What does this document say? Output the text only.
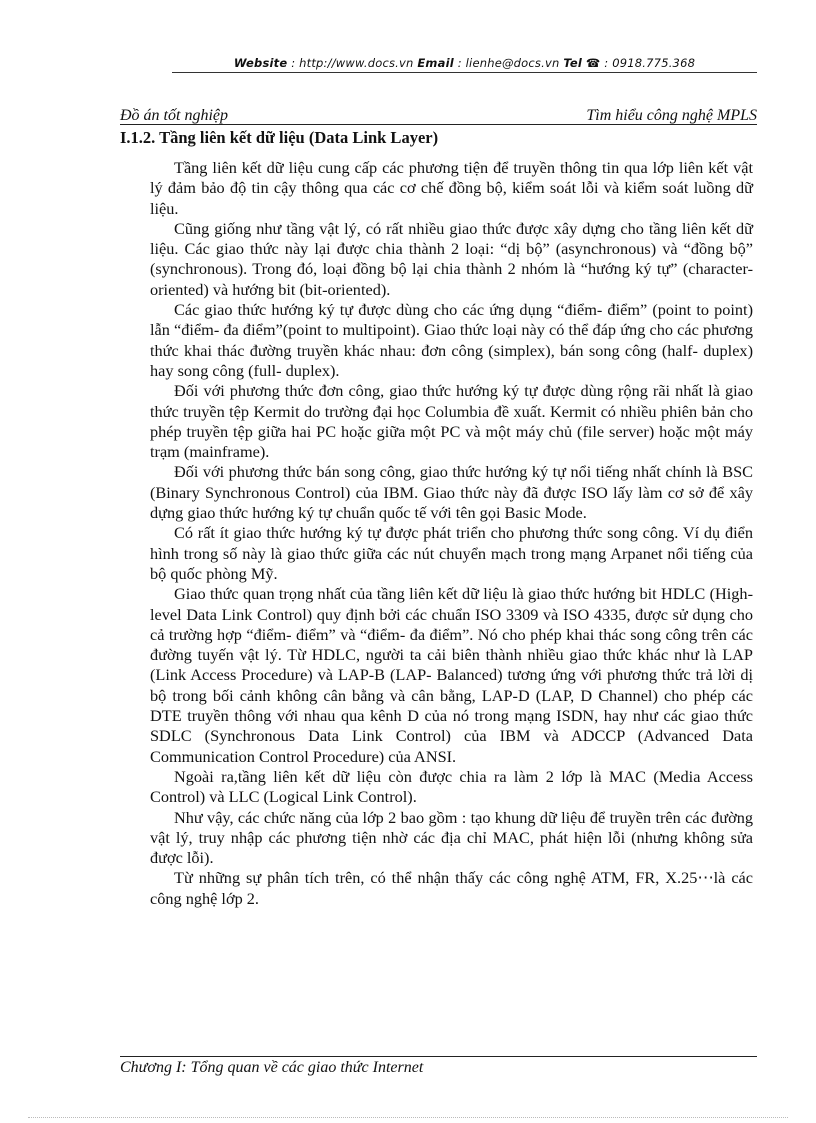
Website : http://www.docs.vn Email : lienhe@docs.vn Tel ☎ : 0918.775.368
Đồ án tốt nghiệp	Tìm hiểu công nghệ MPLS
I.1.2. Tầng liên kết dữ liệu (Data Link Layer)

Tầng liên kết dữ liệu cung cấp các phương tiện để truyền thông tin qua lớp liên kết vật lý đảm bảo độ tin cậy thông qua các cơ chế đồng bộ, kiểm soát lỗi và kiểm soát luồng dữ liệu.

Cũng giống như tầng vật lý, có rất nhiều giao thức được xây dựng cho tầng liên kết dữ liệu. Các giao thức này lại được chia thành 2 loại: “dị bộ” (asynchronous) và “đồng bộ” (synchronous). Trong đó, loại đồng bộ lại chia thành 2 nhóm là “hướng ký tự” (character- oriented) và hướng bit (bit-oriented).

Các giao thức hướng ký tự được dùng cho các ứng dụng “điểm- điểm” (point to point) lẫn “điểm- đa điểm”(point to multipoint). Giao thức loại này có thể đáp ứng cho các phương thức khai thác đường truyền khác nhau: đơn công (simplex), bán song công (half- duplex) hay song công (full- duplex).

Đối với phương thức đơn công, giao thức hướng ký tự được dùng rộng rãi nhất là giao thức truyền tệp Kermit do trường đại học Columbia đề xuất. Kermit có nhiều phiên bản cho phép truyền tệp giữa hai PC hoặc giữa một PC và một máy chủ (file server) hoặc một máy trạm (mainframe).

Đối với phương thức bán song công, giao thức hướng ký tự nổi tiếng nhất chính là BSC (Binary Synchronous Control) của IBM. Giao thức này đã được ISO lấy làm cơ sở để xây dựng giao thức hướng ký tự chuẩn quốc tế với tên gọi Basic Mode.

Có rất ít giao thức hướng ký tự được phát triển cho phương thức song công. Ví dụ điển hình trong số này là giao thức giữa các nút chuyển mạch trong mạng Arpanet nổi tiếng của bộ quốc phòng Mỹ.

Giao thức quan trọng nhất của tầng liên kết dữ liệu là giao thức hướng bit HDLC (High- level Data Link Control) quy định bởi các chuẩn ISO 3309 và ISO 4335, được sử dụng cho cả trường hợp “điểm- điểm” và “điểm- đa điểm”. Nó cho phép khai thác song công trên các đường tuyến vật lý. Từ HDLC, người ta cải biên thành nhiều giao thức khác như là LAP (Link Access Procedure) và LAP-B (LAP- Balanced) tương ứng với phương thức trả lời dị bộ trong bối cảnh không cân bằng và cân bằng, LAP-D (LAP, D Channel) cho phép các DTE truyền thông với nhau qua kênh D của nó trong mạng ISDN, hay như các giao thức SDLC (Synchronous Data Link Control) của IBM và ADCCP (Advanced Data Communication Control Procedure) của ANSI.

Ngoài ra,tầng liên kết dữ liệu còn được chia ra làm 2 lớp là MAC (Media Access Control) và LLC (Logical Link Control).

Như vậy, các chức năng của lớp 2 bao gồm : tạo khung dữ liệu để truyền trên các đường vật lý, truy nhập các phương tiện nhờ các địa chỉ MAC, phát hiện lỗi (nhưng không sửa được lỗi).

Từ những sự phân tích trên, có thể nhận thấy các công nghệ ATM, FR, X.25⋯là các công nghệ lớp 2.

Chương I: Tổng quan về các giao thức Internet
